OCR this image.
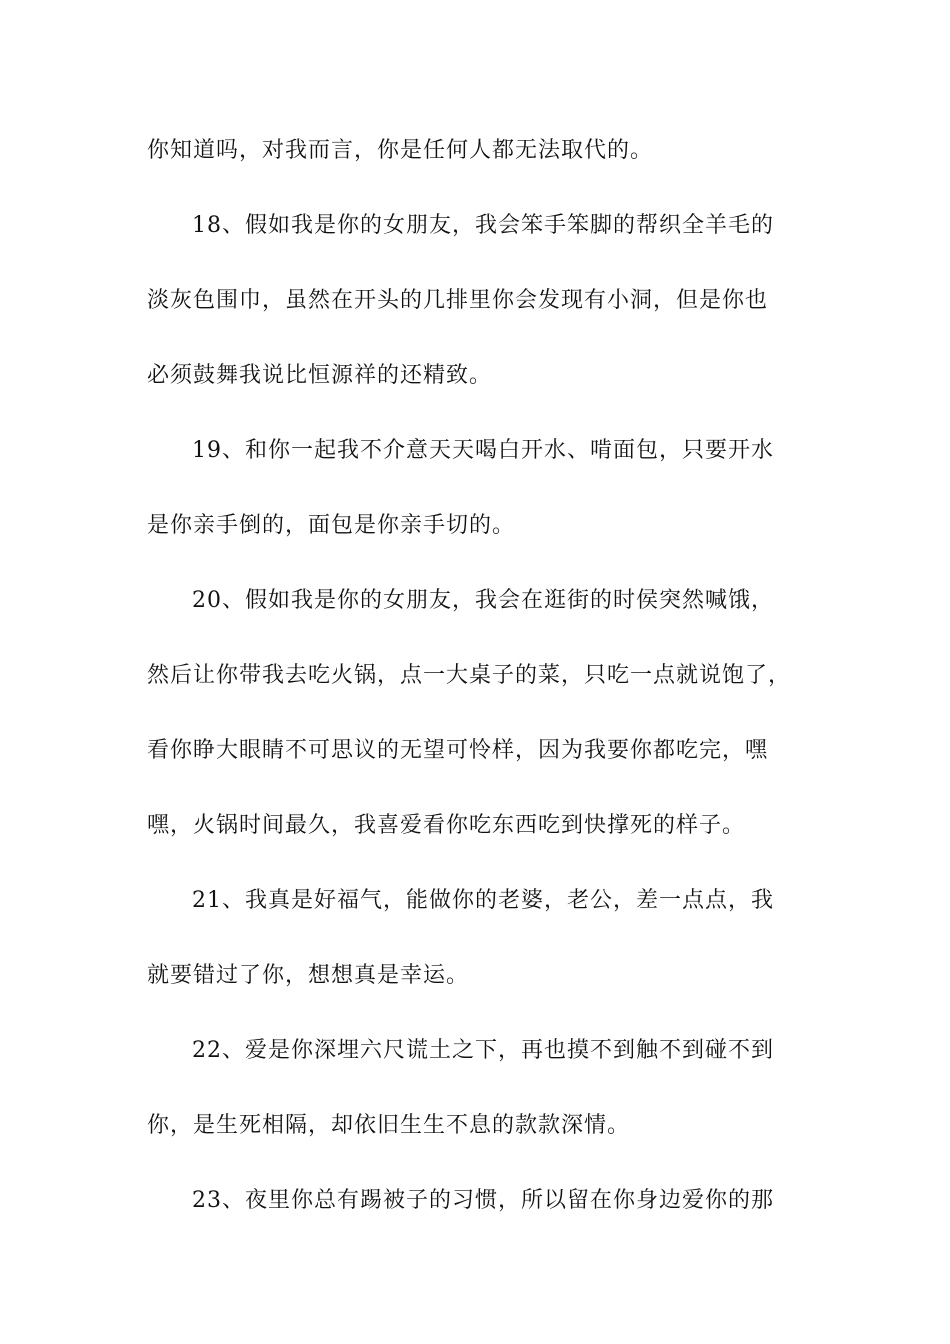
你知道吗，对我而言，你是任何人都无法取代的。
18、假如我是你的女朋友，我会笨手笨脚的帮织全羊毛的
淡灰色围巾，虽然在开头的几排里你会发现有小洞，但是你也
必须鼓舞我说比恒源祥的还精致。
19、和你一起我不介意天天喝白开水、啃面包，只要开水
是你亲手倒的，面包是你亲手切的。
20、假如我是你的女朋友，我会在逛街的时侯突然喊饿，
然后让你带我去吃火锅，点一大桌子的菜，只吃一点就说饱了，
看你睁大眼睛不可思议的无望可怜样，因为我要你都吃完，嘿
嘿，火锅时间最久，我喜爱看你吃东西吃到快撑死的样子。
21、我真是好福气，能做你的老婆，老公，差一点点，我
就要错过了你，想想真是幸运。
22、爱是你深埋六尺谎土之下，再也摸不到触不到碰不到
你，是生死相隔，却依旧生生不息的款款深情。
23、夜里你总有踢被子的习惯，所以留在你身边爱你的那
